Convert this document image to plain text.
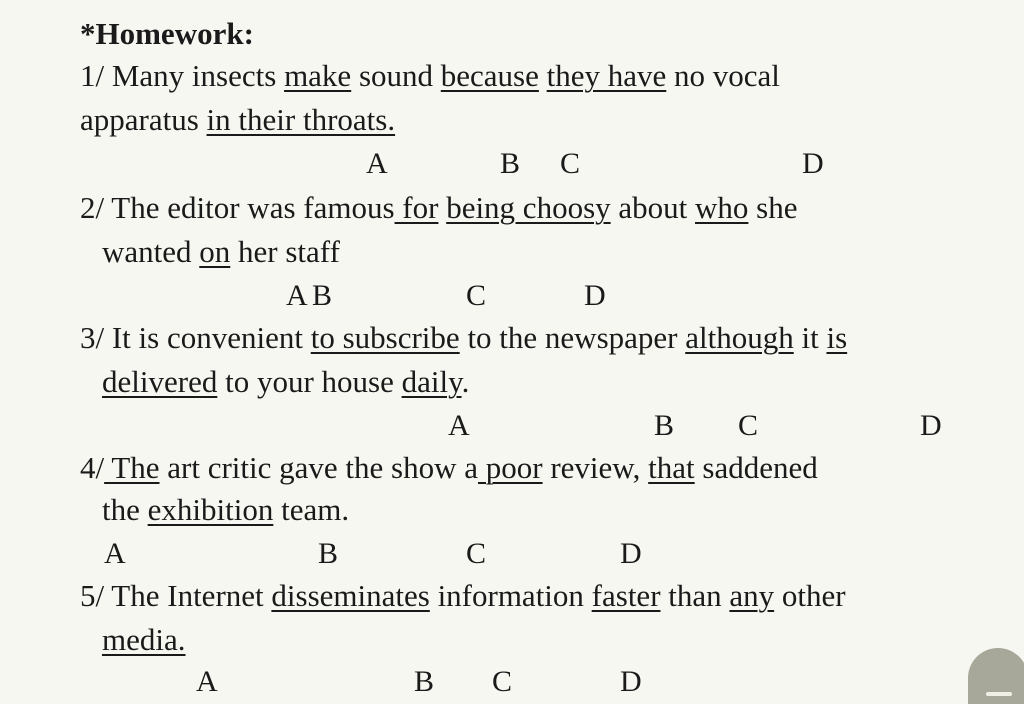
*Homework:
1/ Many insects make sound because they have no vocal
apparatus in their throats.
A	B C	D
2/ The editor was famous for being choosy about who she
wanted on her staff
A B	C	D
3/ It is convenient to subscribe to the newspaper although it is
delivered to your house daily.
A	B C	D
4/ The art critic gave the show a poor review, that saddened
the exhibition team.
A	B	C	D
5/ The Internet disseminates information faster than any other
media.
A	B C	D
